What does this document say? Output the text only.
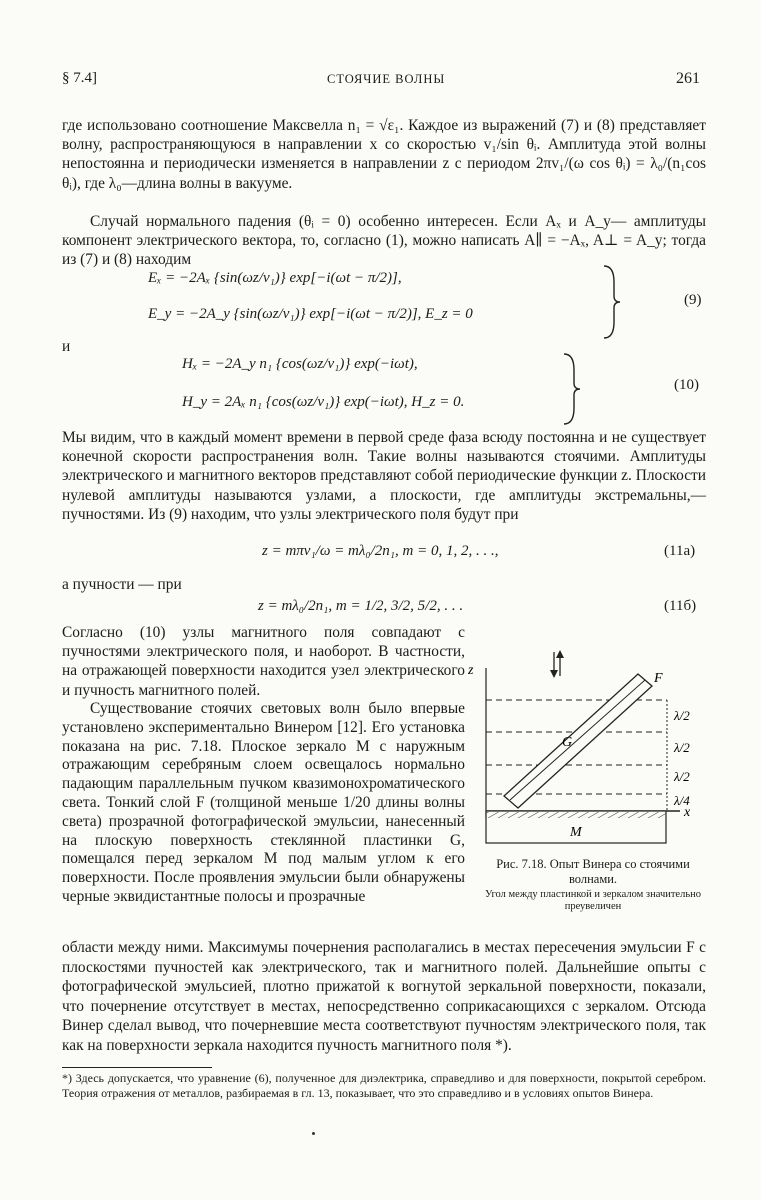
§ 7.4]	СТОЯЧИЕ ВОЛНЫ	261
где использовано соотношение Максвелла n₁ = √ε₁. Каждое из выражений (7) и (8) представляет волну, распространяющуюся в направлении x со скоростью v₁/sin θᵢ. Амплитуда этой волны непостоянна и периодически изменяется в направлении z с периодом 2πv₁/(ω cos θᵢ) = λ₀/(n₁cos θᵢ), где λ₀—длина волны в вакууме.
Случай нормального падения (θᵢ = 0) особенно интересен. Если Aₓ и A_y— амплитуды компонент электрического вектора, то, согласно (1), можно написать A∥ = −Aₓ, A⊥ = A_y; тогда из (7) и (8) находим
Eₓ = −2Aₓ {sin(ωz/v₁)} exp[−i(ωt − π/2)],
E_y = −2A_y {sin(ωz/v₁)} exp[−i(ωt − π/2)], E_z = 0
(9)
и
Hₓ = −2A_y n₁ {cos(ωz/v₁)} exp(−iωt),
H_y = 2Aₓ n₁ {cos(ωz/v₁)} exp(−iωt), H_z = 0.
(10)
Мы видим, что в каждый момент времени в первой среде фаза всюду постоянна и не существует конечной скорости распространения волн. Такие волны называются стоячими. Амплитуды электрического и магнитного векторов представляют собой периодические функции z. Плоскости нулевой амплитуды называются узлами, а плоскости, где амплитуды экстремальны,— пучностями. Из (9) находим, что узлы электрического поля будут при
z = mπv₁/ω = mλ₀/2n₁, m = 0, 1, 2, . . .,	(11а)
а пучности — при
z = mλ₀/2n₁, m = 1/2, 3/2, 5/2, . . .	(11б)
Согласно (10) узлы магнитного поля совпадают с пучностями электрического поля, и наоборот. В частности, на отражающей поверхности находится узел электрического и пучность магнитного полей.
Существование стоячих световых волн было впервые установлено экспериментально Винером [12]. Его установка показана на рис. 7.18. Плоское зеркало M с наружным отражающим серебряным слоем освещалось нормально падающим параллельным пучком квазимонохроматического света. Тонкий слой F (толщиной меньше 1/20 длины волны света) прозрачной фотографической эмульсии, нанесенный на плоскую поверхность стеклянной пластинки G, помещался перед зеркалом M под малым углом к его поверхности. После проявления эмульсии были обнаружены черные эквидистантные полосы и прозрачные
области между ними. Максимумы почернения располагались в местах пересечения эмульсии F с плоскостями пучностей как электрического, так и магнитного полей. Дальнейшие опыты с фотографической эмульсией, плотно прижатой к вогнутой зеркальной поверхности, показали, что почернение отсутствует в местах, непосредственно соприкасающихся с зеркалом. Отсюда Винер сделал вывод, что почерневшие места соответствуют пучностям электрического поля, так как на поверхности зеркала находится пучность магнитного поля *).
z
λ/2
λ/2
λ/2
λ/4
F
G
x
M
Рис. 7.18. Опыт Винера со стоячими волнами.
Угол между пластинкой и зеркалом значительно преувеличен
*) Здесь допускается, что уравнение (6), полученное для диэлектрика, справедливо и для поверхности, покрытой серебром. Теория отражения от металлов, разбираемая в гл. 13, показывает, что это справедливо и в условиях опытов Винера.
